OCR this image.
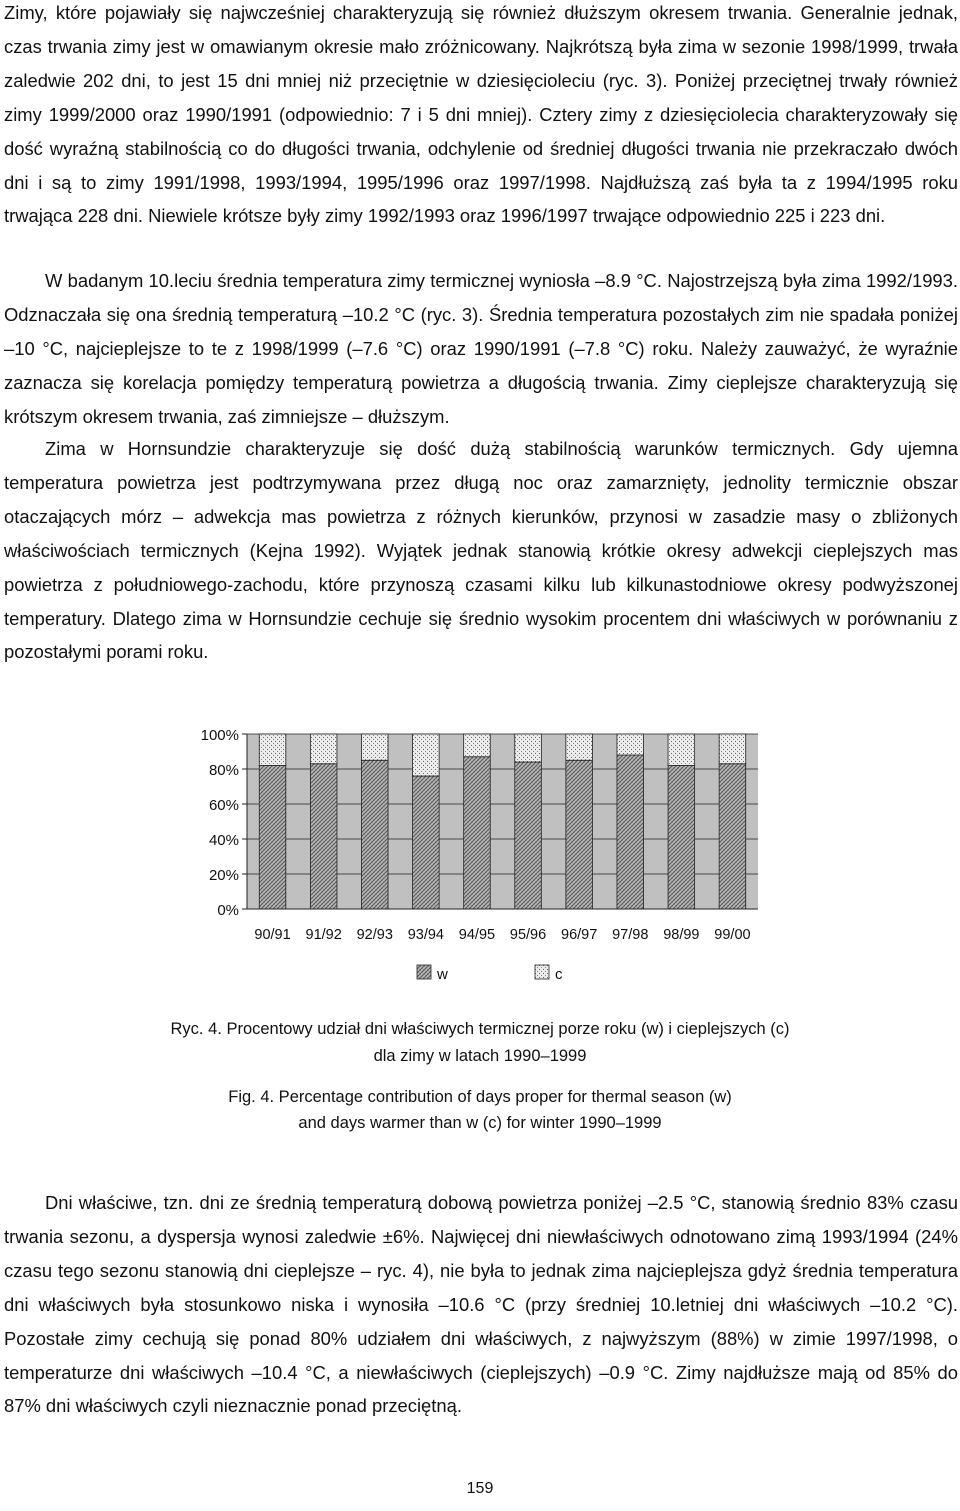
Zimy, które pojawiały się najwcześniej charakteryzują się również dłuższym okresem trwania. Generalnie jednak, czas trwania zimy jest w omawianym okresie mało zróżnicowany. Najkrótszą była zima w sezonie 1998/1999, trwała zaledwie 202 dni, to jest 15 dni mniej niż przeciętnie w dziesięcioleciu (ryc. 3). Poniżej przeciętnej trwały również zimy 1999/2000 oraz 1990/1991 (odpowiednio: 7 i 5 dni mniej). Cztery zimy z dziesięciolecia charakteryzowały się dość wyraźną stabilnością co do długości trwania, odchylenie od średniej długości trwania nie przekraczało dwóch dni i są to zimy 1991/1998, 1993/1994, 1995/1996 oraz 1997/1998. Najdłuższą zaś była ta z 1994/1995 roku trwająca 228 dni. Niewiele krótsze były zimy 1992/1993 oraz 1996/1997 trwające odpowiednio 225 i 223 dni.

W badanym 10.leciu średnia temperatura zimy termicznej wyniosła –8.9 °C. Najostrzejszą była zima 1992/1993. Odznaczała się ona średnią temperaturą –10.2 °C (ryc. 3). Średnia temperatura pozostałych zim nie spadała poniżej –10 °C, najcieplejsze to te z 1998/1999 (–7.6 °C) oraz 1990/1991 (–7.8 °C) roku. Należy zauważyć, że wyraźnie zaznacza się korelacja pomiędzy temperaturą powietrza a długością trwania. Zimy cieplejsze charakteryzują się krótszym okresem trwania, zaś zimniejsze – dłuższym.

Zima w Hornsundzie charakteryzuje się dość dużą stabilnością warunków termicznych. Gdy ujemna temperatura powietrza jest podtrzymywana przez długą noc oraz zamarznięty, jednolity termicznie obszar otaczających mórz – adwekcja mas powietrza z różnych kierunków, przynosi w zasadzie masy o zbliżonych właściwościach termicznych (Kejna 1992). Wyjątek jednak stanowią krótkie okresy adwekcji cieplejszych mas powietrza z południowego-zachodu, które przynoszą czasami kilku lub kilkunastodniowe okresy podwyższonej temperatury. Dlatego zima w Hornsundzie cechuje się średnio wysokim procentem dni właściwych w porównaniu z pozostałymi porami roku.

0%
20%
40%
60%
80%
100%
90/91 91/92 92/93 93/94 94/95 95/96 96/97 97/98 98/99 99/00
w	c

Ryc. 4. Procentowy udział dni właściwych termicznej porze roku (w) i cieplejszych (c)

dla zimy w latach 1990–1999

Fig. 4. Percentage contribution of days proper for thermal season (w)

and days warmer than w (c) for winter 1990–1999

Dni właściwe, tzn. dni ze średnią temperaturą dobową powietrza poniżej –2.5 °C, stanowią średnio 83% czasu trwania sezonu, a dyspersja wynosi zaledwie ±6%. Najwięcej dni niewłaściwych odnotowano zimą 1993/1994 (24% czasu tego sezonu stanowią dni cieplejsze – ryc. 4), nie była to jednak zima najcieplejsza gdyż średnia temperatura dni właściwych była stosunkowo niska i wynosiła –10.6 °C (przy średniej 10.letniej dni właściwych –10.2 °C). Pozostałe zimy cechują się ponad 80% udziałem dni właściwych, z najwyższym (88%) w zimie 1997/1998, o temperaturze dni właściwych –10.4 °C, a niewłaściwych (cieplejszych) –0.9 °C. Zimy najdłuższe mają od 85% do 87% dni właściwych czyli nieznacznie ponad przeciętną.

159
